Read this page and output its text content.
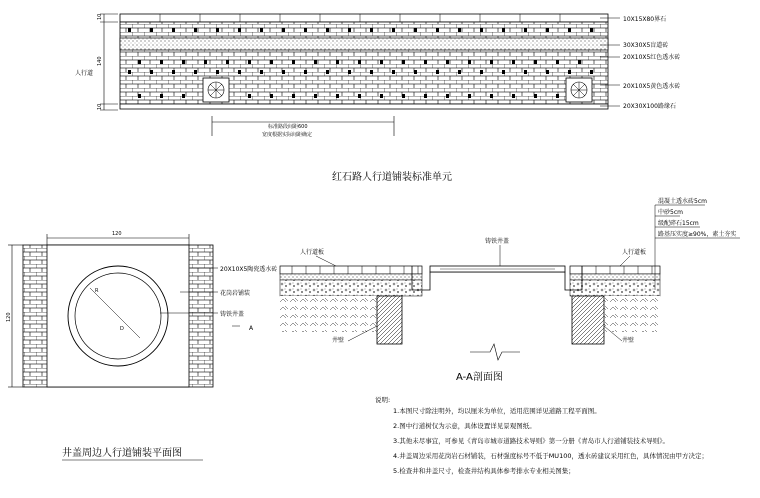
10
140
10
人行道
10X15X80界石
30X30X5盲道砖
20X10X5红色透水砖
20X10X5黄色透水砖
20X30X100路缘石
标准路段间距600
宽度根据实际间距确定
红石路人行道铺装标准单元
R
D
120
120
20X10X5陶瓷透水砖
花岗岩铺装
铸铁井盖
A
井盖周边人行道铺装平面图
人行道板	人行道板
铸铁井盖
井壁	井壁
混凝土透水砖5cm
中砂5cm
级配碎石15cm
路基压实度≥90%，素土夯实
A-A剖面图
说明:
1.本图尺寸除注明外，均以厘米为单位，适用范围详见道路工程平面图。
2.图中行道树仅为示意，具体设置详见景观图纸。
3.其他未尽事宜，可参见《青岛市城市道路技术导则》第一分册《青岛市人行道铺装技术导则》。
4.井盖周边采用花岗岩石材铺装，石材强度标号不低于MU100，透水砖建议采用红色，具体情况由甲方决定；
5.检查井和井盖尺寸，检查井结构具体参考排水专业相关图集；
